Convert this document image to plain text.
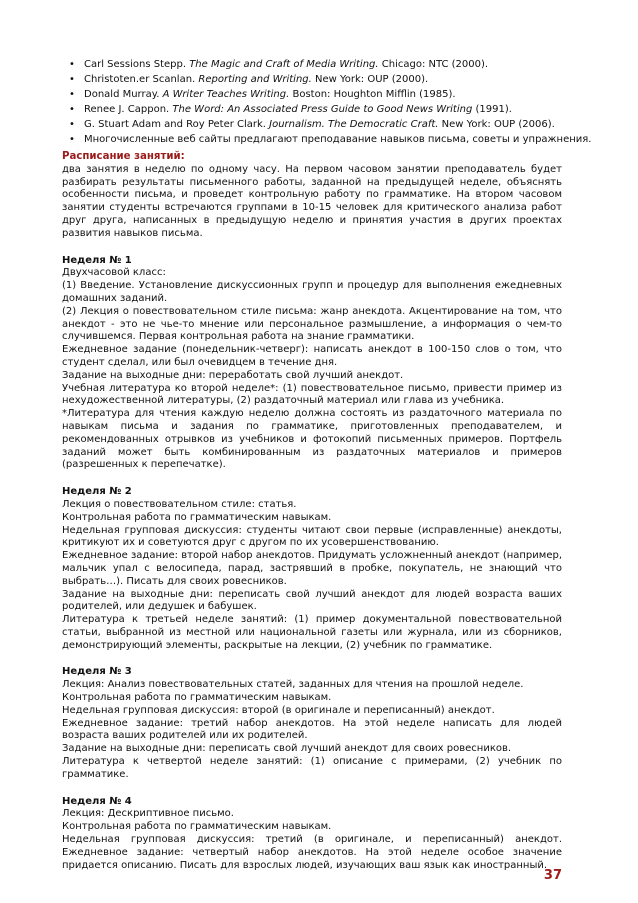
• Carl Sessions Stepp. The Magic and Craft of Media Writing. Chicago: NTC (2000).
• Christoten.er Scanlan. Reporting and Writing. New York: OUP (2000).
• Donald Murray. A Writer Teaches Writing. Boston: Houghton Mifflin (1985).
• Renee J. Cappon. The Word: An Associated Press Guide to Good News Writing (1991).
• G. Stuart Adam and Roy Peter Clark. Journalism. The Democratic Craft. New York: OUP (2006).
• Многочисленные веб сайты предлагают преподавание навыков письма, советы и упражнения.

Расписание занятий:

два занятия в неделю по одному часу. На первом часовом занятии преподаватель будет разбирать результаты письменного работы, заданной на предыдущей неделе, объяснять особенности письма, и проведет контрольную работу по грамматике. На втором часовом занятии студенты встречаются группами в 10-15 человек для критического анализа работ друг друга, написанных в предыдущую неделю и принятия участия в других проектах развития навыков письма.

Неделя № 1

Двухчасовой класс:

(1) Введение. Установление дискуссионных групп и процедур для выполнения ежедневных домашних заданий.

(2) Лекция о повествовательном стиле письма: жанр анекдота. Акцентирование на том, что анекдот - это не чье-то мнение или персональное размышление, а информация о чем-то случившемся. Первая контрольная работа на знание грамматики.

Ежедневное задание (понедельник-четверг): написать анекдот в 100-150 слов о том, что студент сделал, или был очевидцем в течение дня.

Задание на выходные дни: переработать свой лучший анекдот.

Учебная литература ко второй неделе*: (1) повествовательное письмо, привести пример из нехудожественной литературы, (2) раздаточный материал или глава из учебника.

*Литература для чтения каждую неделю должна состоять из раздаточного материала по навыкам письма и задания по грамматике, приготовленных преподавателем, и рекомендованных отрывков из учебников и фотокопий письменных примеров. Портфель заданий может быть комбинированным из раздаточных материалов и примеров (разрешенных к перепечатке).

Неделя № 2

Лекция о повествовательном стиле: статья.

Контрольная работа по грамматическим навыкам.

Недельная групповая дискуссия: студенты читают свои первые (исправленные) анекдоты, критикуют их и советуются друг с другом по их усовершенствованию.

Ежедневное задание: второй набор анекдотов. Придумать усложненный анекдот (например, мальчик упал с велосипеда, парад, застрявший в пробке, покупатель, не знающий что выбрать…). Писать для своих ровесников.

Задание на выходные дни: переписать свой лучший анекдот для людей возраста ваших родителей, или дедушек и бабушек.

Литература к третьей неделе занятий: (1) пример документальной повествовательной статьи, выбранной из местной или национальной газеты или журнала, или из сборников, демонстрирующий элементы, раскрытые на лекции, (2) учебник по грамматике.

Неделя № 3

Лекция: Анализ повествовательных статей, заданных для чтения на прошлой неделе.

Контрольная работа по грамматическим навыкам.

Недельная групповая дискуссия: второй (в оригинале и переписанный) анекдот.

Ежедневное задание: третий набор анекдотов. На этой неделе написать для людей возраста ваших родителей или их родителей.

Задание на выходные дни: переписать свой лучший анекдот для своих ровесников.

Литература к четвертой неделе занятий: (1) описание с примерами, (2) учебник по грамматике.

Неделя № 4

Лекция: Дескриптивное письмо.

Контрольная работа по грамматическим навыкам.

Недельная групповая дискуссия: третий (в оригинале, и переписанный) анекдот. Ежедневное задание: четвертый набор анекдотов. На этой неделе особое значение придается описанию. Писать для взрослых людей, изучающих ваш язык как иностранный.

37
